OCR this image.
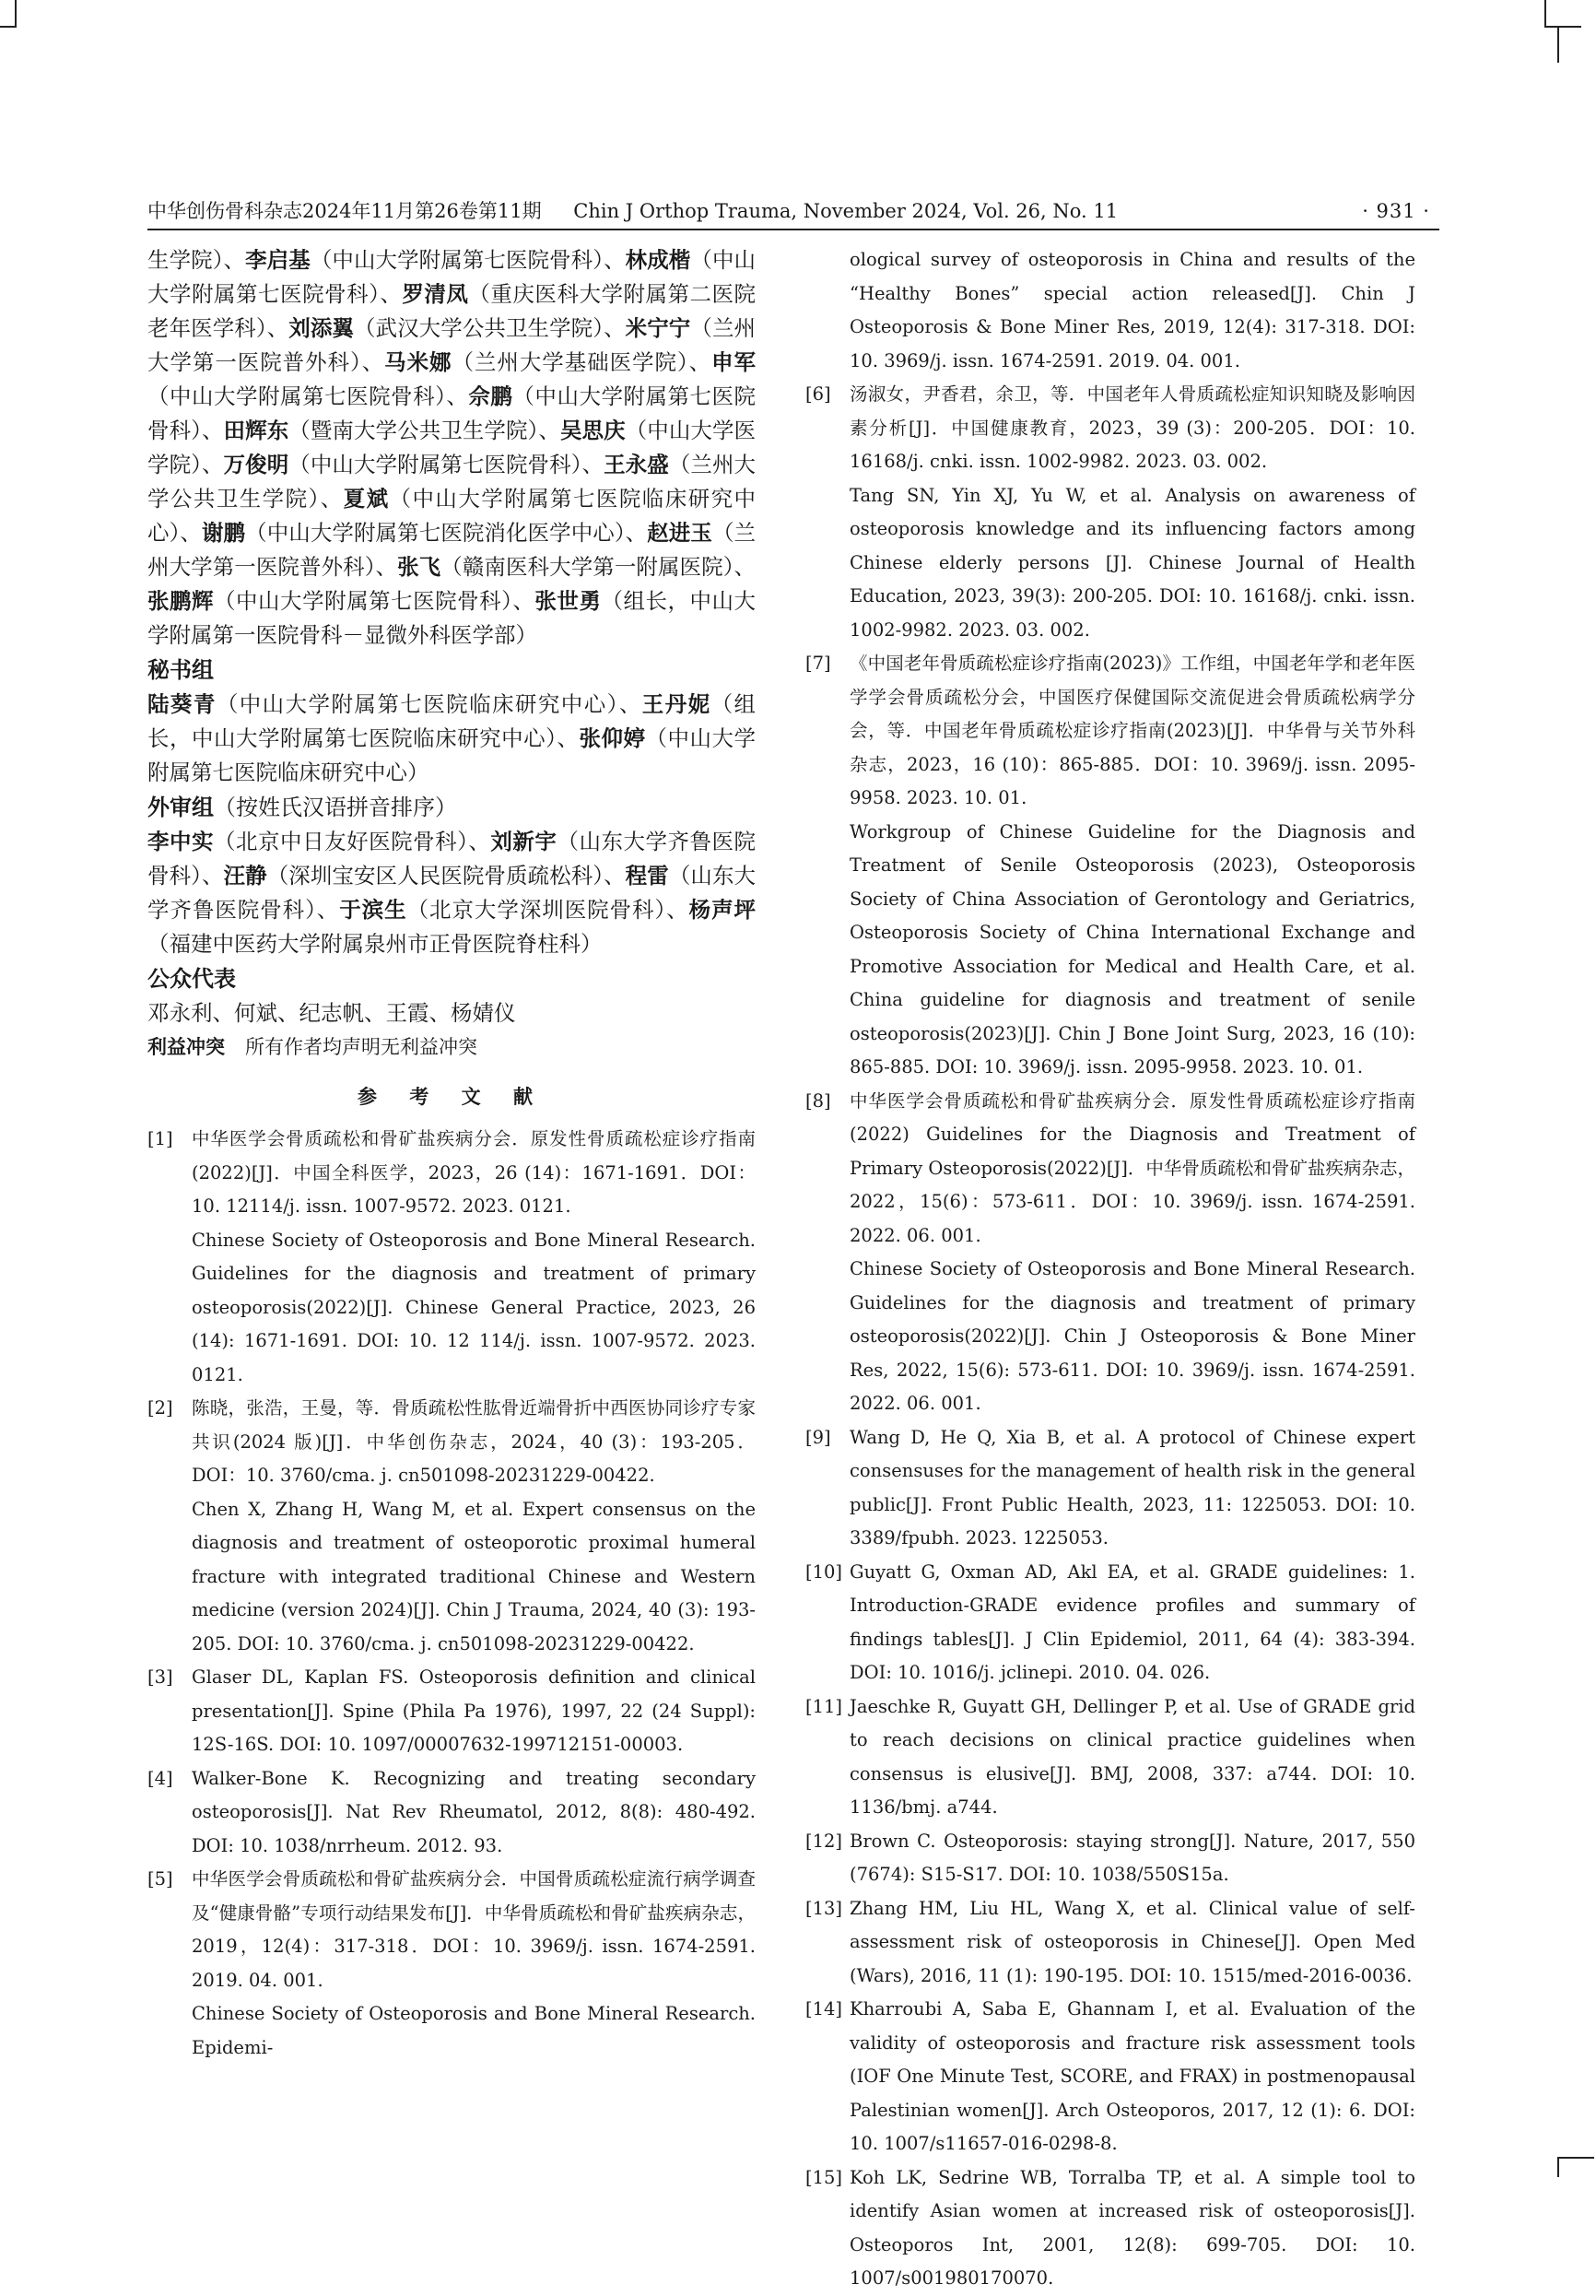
中华创伤骨科杂志2024年11月第26卷第11期 Chin J Orthop Trauma, November 2024, Vol. 26, No. 11	· 931 ·

生学院）、李启基（中山大学附属第七医院骨科）、林成楷（中山大学附属第七医院骨科）、罗清凤（重庆医科大学附属第二医院老年医学科）、刘添翼（武汉大学公共卫生学院）、米宁宁（兰州大学第一医院普外科）、马米娜（兰州大学基础医学院）、申军（中山大学附属第七医院骨科）、佘鹏（中山大学附属第七医院骨科）、田辉东（暨南大学公共卫生学院）、吴思庆（中山大学医学院）、万俊明（中山大学附属第七医院骨科）、王永盛（兰州大学公共卫生学院）、夏斌（中山大学附属第七医院临床研究中心）、谢鹏（中山大学附属第七医院消化医学中心）、赵进玉（兰州大学第一医院普外科）、张飞（赣南医科大学第一附属医院）、张鹏辉（中山大学附属第七医院骨科）、张世勇（组长，中山大学附属第一医院骨科－显微外科医学部）

秘书组

陆葵青（中山大学附属第七医院临床研究中心）、王丹妮（组长，中山大学附属第七医院临床研究中心）、张仰婷（中山大学附属第七医院临床研究中心）

外审组（按姓氏汉语拼音排序）

李中实（北京中日友好医院骨科）、刘新宇（山东大学齐鲁医院骨科）、汪静（深圳宝安区人民医院骨质疏松科）、程雷（山东大学齐鲁医院骨科）、于滨生（北京大学深圳医院骨科）、杨声坪（福建中医药大学附属泉州市正骨医院脊柱科）

公众代表

邓永利、何斌、纪志帆、王霞、杨婧仪

利益冲突 所有作者均声明无利益冲突

参 考 文 献

[1] 中华医学会骨质疏松和骨矿盐疾病分会．原发性骨质疏松症诊疗指南(2022)[J]．中国全科医学，2023，26 (14)：1671-1691．DOI：10. 12114/j. issn. 1007-9572. 2023. 0121.
Chinese Society of Osteoporosis and Bone Mineral Research. Guidelines for the diagnosis and treatment of primary osteoporosis(2022)[J]. Chinese General Practice, 2023, 26 (14): 1671-1691. DOI: 10. 12 114/j. issn. 1007-9572. 2023. 0121.

[2] 陈晓，张浩，王曼，等．骨质疏松性肱骨近端骨折中西医协同诊疗专家共识(2024 版)[J]．中华创伤杂志，2024，40 (3)：193-205．DOI：10. 3760/cma. j. cn501098-20231229-00422.
Chen X, Zhang H, Wang M, et al. Expert consensus on the diagnosis and treatment of osteoporotic proximal humeral fracture with integrated traditional Chinese and Western medicine (version 2024)[J]. Chin J Trauma, 2024, 40 (3): 193-205. DOI: 10. 3760/cma. j. cn501098-20231229-00422.

[3] Glaser DL, Kaplan FS. Osteoporosis definition and clinical presentation[J]. Spine (Phila Pa 1976), 1997, 22 (24 Suppl): 12S-16S. DOI: 10. 1097/00007632-199712151-00003.

[4] Walker-Bone K. Recognizing and treating secondary osteoporosis[J]. Nat Rev Rheumatol, 2012, 8(8): 480-492. DOI: 10. 1038/nrrheum. 2012. 93.

[5] 中华医学会骨质疏松和骨矿盐疾病分会．中国骨质疏松症流行病学调查及“健康骨骼”专项行动结果发布[J]．中华骨质疏松和骨矿盐疾病杂志，2019，12(4)：317-318．DOI：10. 3969/j. issn. 1674-2591. 2019. 04. 001.
Chinese Society of Osteoporosis and Bone Mineral Research. Epidemi-

ological survey of osteoporosis in China and results of the “Healthy Bones” special action released[J]. Chin J Osteoporosis & Bone Miner Res, 2019, 12(4): 317-318. DOI: 10. 3969/j. issn. 1674-2591. 2019. 04. 001.

[6] 汤淑女，尹香君，余卫，等．中国老年人骨质疏松症知识知晓及影响因素分析[J]．中国健康教育，2023，39 (3)：200-205．DOI：10. 16168/j. cnki. issn. 1002-9982. 2023. 03. 002.
Tang SN, Yin XJ, Yu W, et al. Analysis on awareness of osteoporosis knowledge and its influencing factors among Chinese elderly persons [J]. Chinese Journal of Health Education, 2023, 39(3): 200-205. DOI: 10. 16168/j. cnki. issn. 1002-9982. 2023. 03. 002.

[7] 《中国老年骨质疏松症诊疗指南(2023)》工作组，中国老年学和老年医学学会骨质疏松分会，中国医疗保健国际交流促进会骨质疏松病学分会，等．中国老年骨质疏松症诊疗指南(2023)[J]．中华骨与关节外科杂志，2023，16 (10)：865-885．DOI：10. 3969/j. issn. 2095-9958. 2023. 10. 01.
Workgroup of Chinese Guideline for the Diagnosis and Treatment of Senile Osteoporosis (2023), Osteoporosis Society of China Association of Gerontology and Geriatrics, Osteoporosis Society of China International Exchange and Promotive Association for Medical and Health Care, et al. China guideline for diagnosis and treatment of senile osteoporosis(2023)[J]. Chin J Bone Joint Surg, 2023, 16 (10): 865-885. DOI: 10. 3969/j. issn. 2095-9958. 2023. 10. 01.

[8] 中华医学会骨质疏松和骨矿盐疾病分会．原发性骨质疏松症诊疗指南(2022) Guidelines for the Diagnosis and Treatment of Primary Osteoporosis(2022)[J]．中华骨质疏松和骨矿盐疾病杂志，2022，15(6)：573-611．DOI：10. 3969/j. issn. 1674-2591. 2022. 06. 001.
Chinese Society of Osteoporosis and Bone Mineral Research. Guidelines for the diagnosis and treatment of primary osteoporosis(2022)[J]. Chin J Osteoporosis & Bone Miner Res, 2022, 15(6): 573-611. DOI: 10. 3969/j. issn. 1674-2591. 2022. 06. 001.

[9] Wang D, He Q, Xia B, et al. A protocol of Chinese expert consensuses for the management of health risk in the general public[J]. Front Public Health, 2023, 11: 1225053. DOI: 10. 3389/fpubh. 2023. 1225053.

[10] Guyatt G, Oxman AD, Akl EA, et al. GRADE guidelines: 1. Introduction-GRADE evidence profiles and summary of findings tables[J]. J Clin Epidemiol, 2011, 64 (4): 383-394. DOI: 10. 1016/j. jclinepi. 2010. 04. 026.

[11] Jaeschke R, Guyatt GH, Dellinger P, et al. Use of GRADE grid to reach decisions on clinical practice guidelines when consensus is elusive[J]. BMJ, 2008, 337: a744. DOI: 10. 1136/bmj. a744.

[12] Brown C. Osteoporosis: staying strong[J]. Nature, 2017, 550 (7674): S15-S17. DOI: 10. 1038/550S15a.

[13] Zhang HM, Liu HL, Wang X, et al. Clinical value of self-assessment risk of osteoporosis in Chinese[J]. Open Med (Wars), 2016, 11 (1): 190-195. DOI: 10. 1515/med-2016-0036.

[14] Kharroubi A, Saba E, Ghannam I, et al. Evaluation of the validity of osteoporosis and fracture risk assessment tools (IOF One Minute Test, SCORE, and FRAX) in postmenopausal Palestinian women[J]. Arch Osteoporos, 2017, 12 (1): 6. DOI: 10. 1007/s11657-016-0298-8.

[15] Koh LK, Sedrine WB, Torralba TP, et al. A simple tool to identify Asian women at increased risk of osteoporosis[J]. Osteoporos Int, 2001, 12(8): 699-705. DOI: 10. 1007/s001980170070.
